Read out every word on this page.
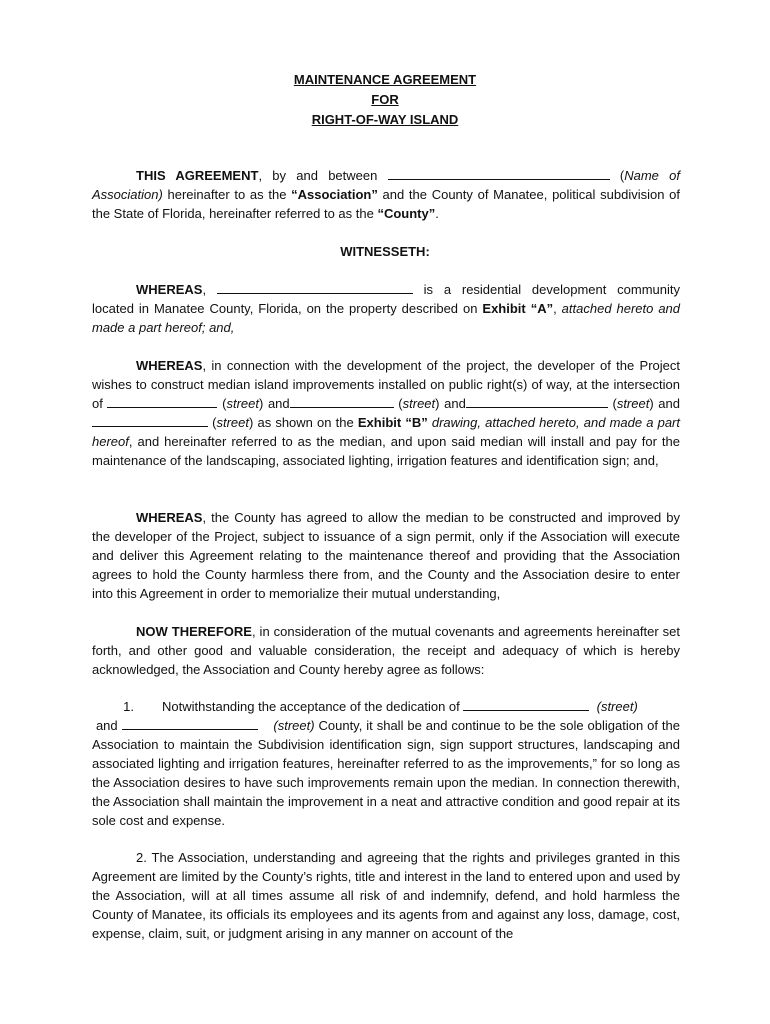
MAINTENANCE AGREEMENT
FOR
RIGHT-OF-WAY ISLAND
THIS AGREEMENT, by and between	(Name of Association) hereinafter to as the “Association” and the County of Manatee, political subdivision of the State of Florida, hereinafter referred to as the “County”.
WITNESSETH:
WHEREAS,	is a residential development community located in Manatee County, Florida, on the property described on Exhibit “A”, attached hereto and made a part hereof; and,
WHEREAS, in connection with the development of the project, the developer of the Project wishes to construct median island improvements installed on public right(s) of way, at the intersection of	(street) and	(street) and	(street) and (street) as shown on the Exhibit “B” drawing, attached hereto, and made a part hereof, and hereinafter referred to as the median, and upon said median will install and pay for the maintenance of the landscaping, associated lighting, irrigation features and identification sign; and,
WHEREAS, the County has agreed to allow the median to be constructed and improved by the developer of the Project, subject to issuance of a sign permit, only if the Association will execute and deliver this Agreement relating to the maintenance thereof and providing that the Association agrees to hold the County harmless there from, and the County and the Association desire to enter into this Agreement in order to memorialize their mutual understanding,
NOW THEREFORE, in consideration of the mutual covenants and agreements hereinafter set forth, and other good and valuable consideration, the receipt and adequacy of which is hereby acknowledged, the Association and County hereby agree as follows:
1. Notwithstanding the acceptance of the dedication of	(street)
and	(street) County, it shall be and continue to be the sole obligation of the Association to maintain the Subdivision identification sign, sign support structures, landscaping and associated lighting and irrigation features, hereinafter referred to as the improvements,” for so long as the Association desires to have such improvements remain upon the median. In connection therewith, the Association shall maintain the improvement in a neat and attractive condition and good repair at its sole cost and expense.
2. The Association, understanding and agreeing that the rights and privileges granted in this Agreement are limited by the County’s rights, title and interest in the land to entered upon and used by the Association, will at all times assume all risk of and indemnify, defend, and hold harmless the County of Manatee, its officials its employees and its agents from and against any loss, damage, cost, expense, claim, suit, or judgment arising in any manner on account of the
